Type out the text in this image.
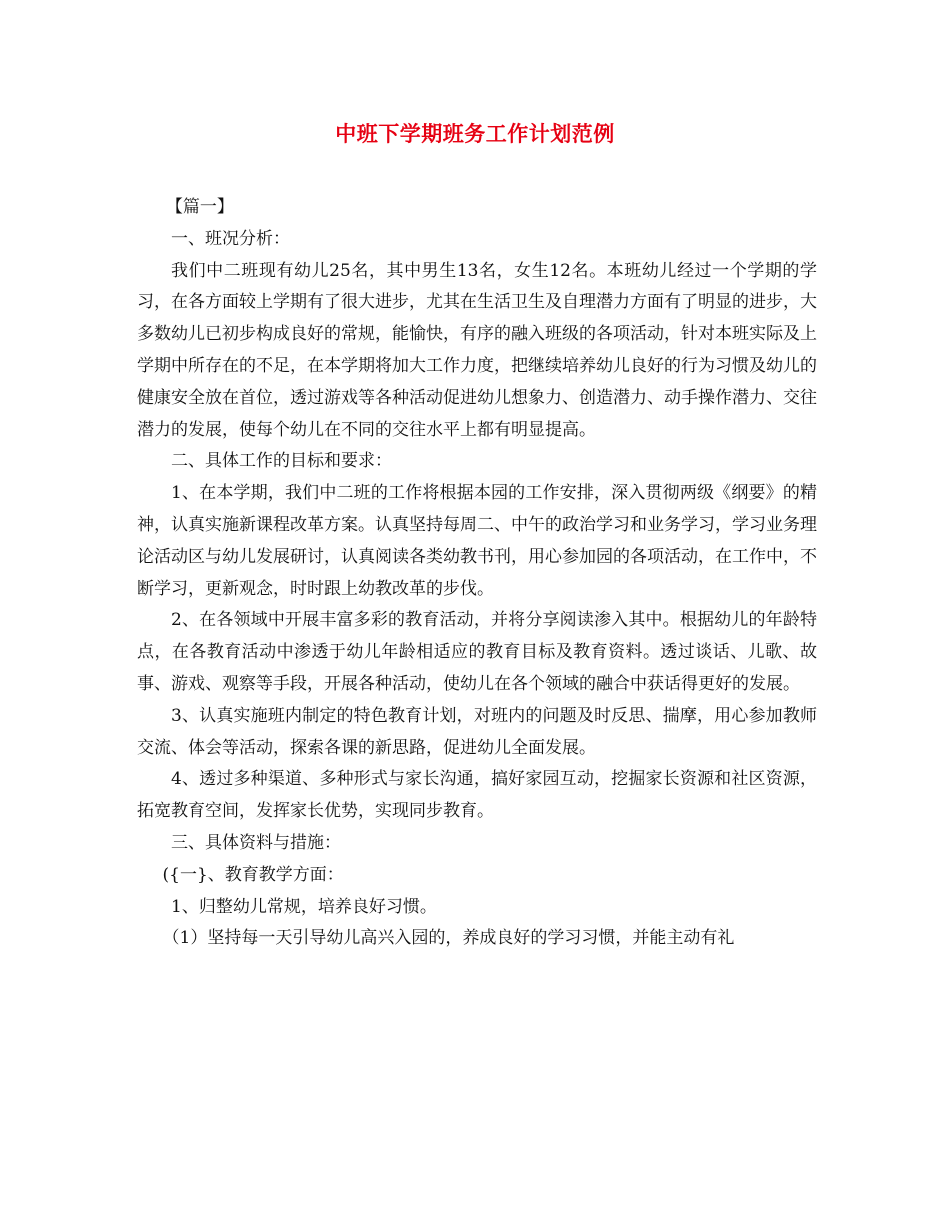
中班下学期班务工作计划范例

【篇一】

一、班况分析：

我们中二班现有幼儿25名，其中男生13名，女生12名。本班幼儿经过一个学期的学习，在各方面较上学期有了很大进步，尤其在生活卫生及自理潜力方面有了明显的进步，大多数幼儿已初步构成良好的常规，能愉快，有序的融入班级的各项活动，针对本班实际及上学期中所存在的不足，在本学期将加大工作力度，把继续培养幼儿良好的行为习惯及幼儿的健康安全放在首位，透过游戏等各种活动促进幼儿想象力、创造潜力、动手操作潜力、交往潜力的发展，使每个幼儿在不同的交往水平上都有明显提高。

二、具体工作的目标和要求：

1、在本学期，我们中二班的工作将根据本园的工作安排，深入贯彻两级《纲要》的精神，认真实施新课程改革方案。认真坚持每周二、中午的政治学习和业务学习，学习业务理论活动区与幼儿发展研讨，认真阅读各类幼教书刊，用心参加园的各项活动，在工作中，不断学习，更新观念，时时跟上幼教改革的步伐。

2、在各领域中开展丰富多彩的教育活动，并将分享阅读渗入其中。根据幼儿的年龄特点，在各教育活动中渗透于幼儿年龄相适应的教育目标及教育资料。透过谈话、儿歌、故事、游戏、观察等手段，开展各种活动，使幼儿在各个领域的融合中获话得更好的发展。

3、认真实施班内制定的特色教育计划，对班内的问题及时反思、揣摩，用心参加教师交流、体会等活动，探索各课的新思路，促进幼儿全面发展。

4、透过多种渠道、多种形式与家长沟通，搞好家园互动，挖掘家长资源和社区资源，拓宽教育空间，发挥家长优势，实现同步教育。

三、具体资料与措施：

({一}、教育教学方面：

1、归整幼儿常规，培养良好习惯。

（1）坚持每一天引导幼儿高兴入园的，养成良好的学习习惯，并能主动有礼
